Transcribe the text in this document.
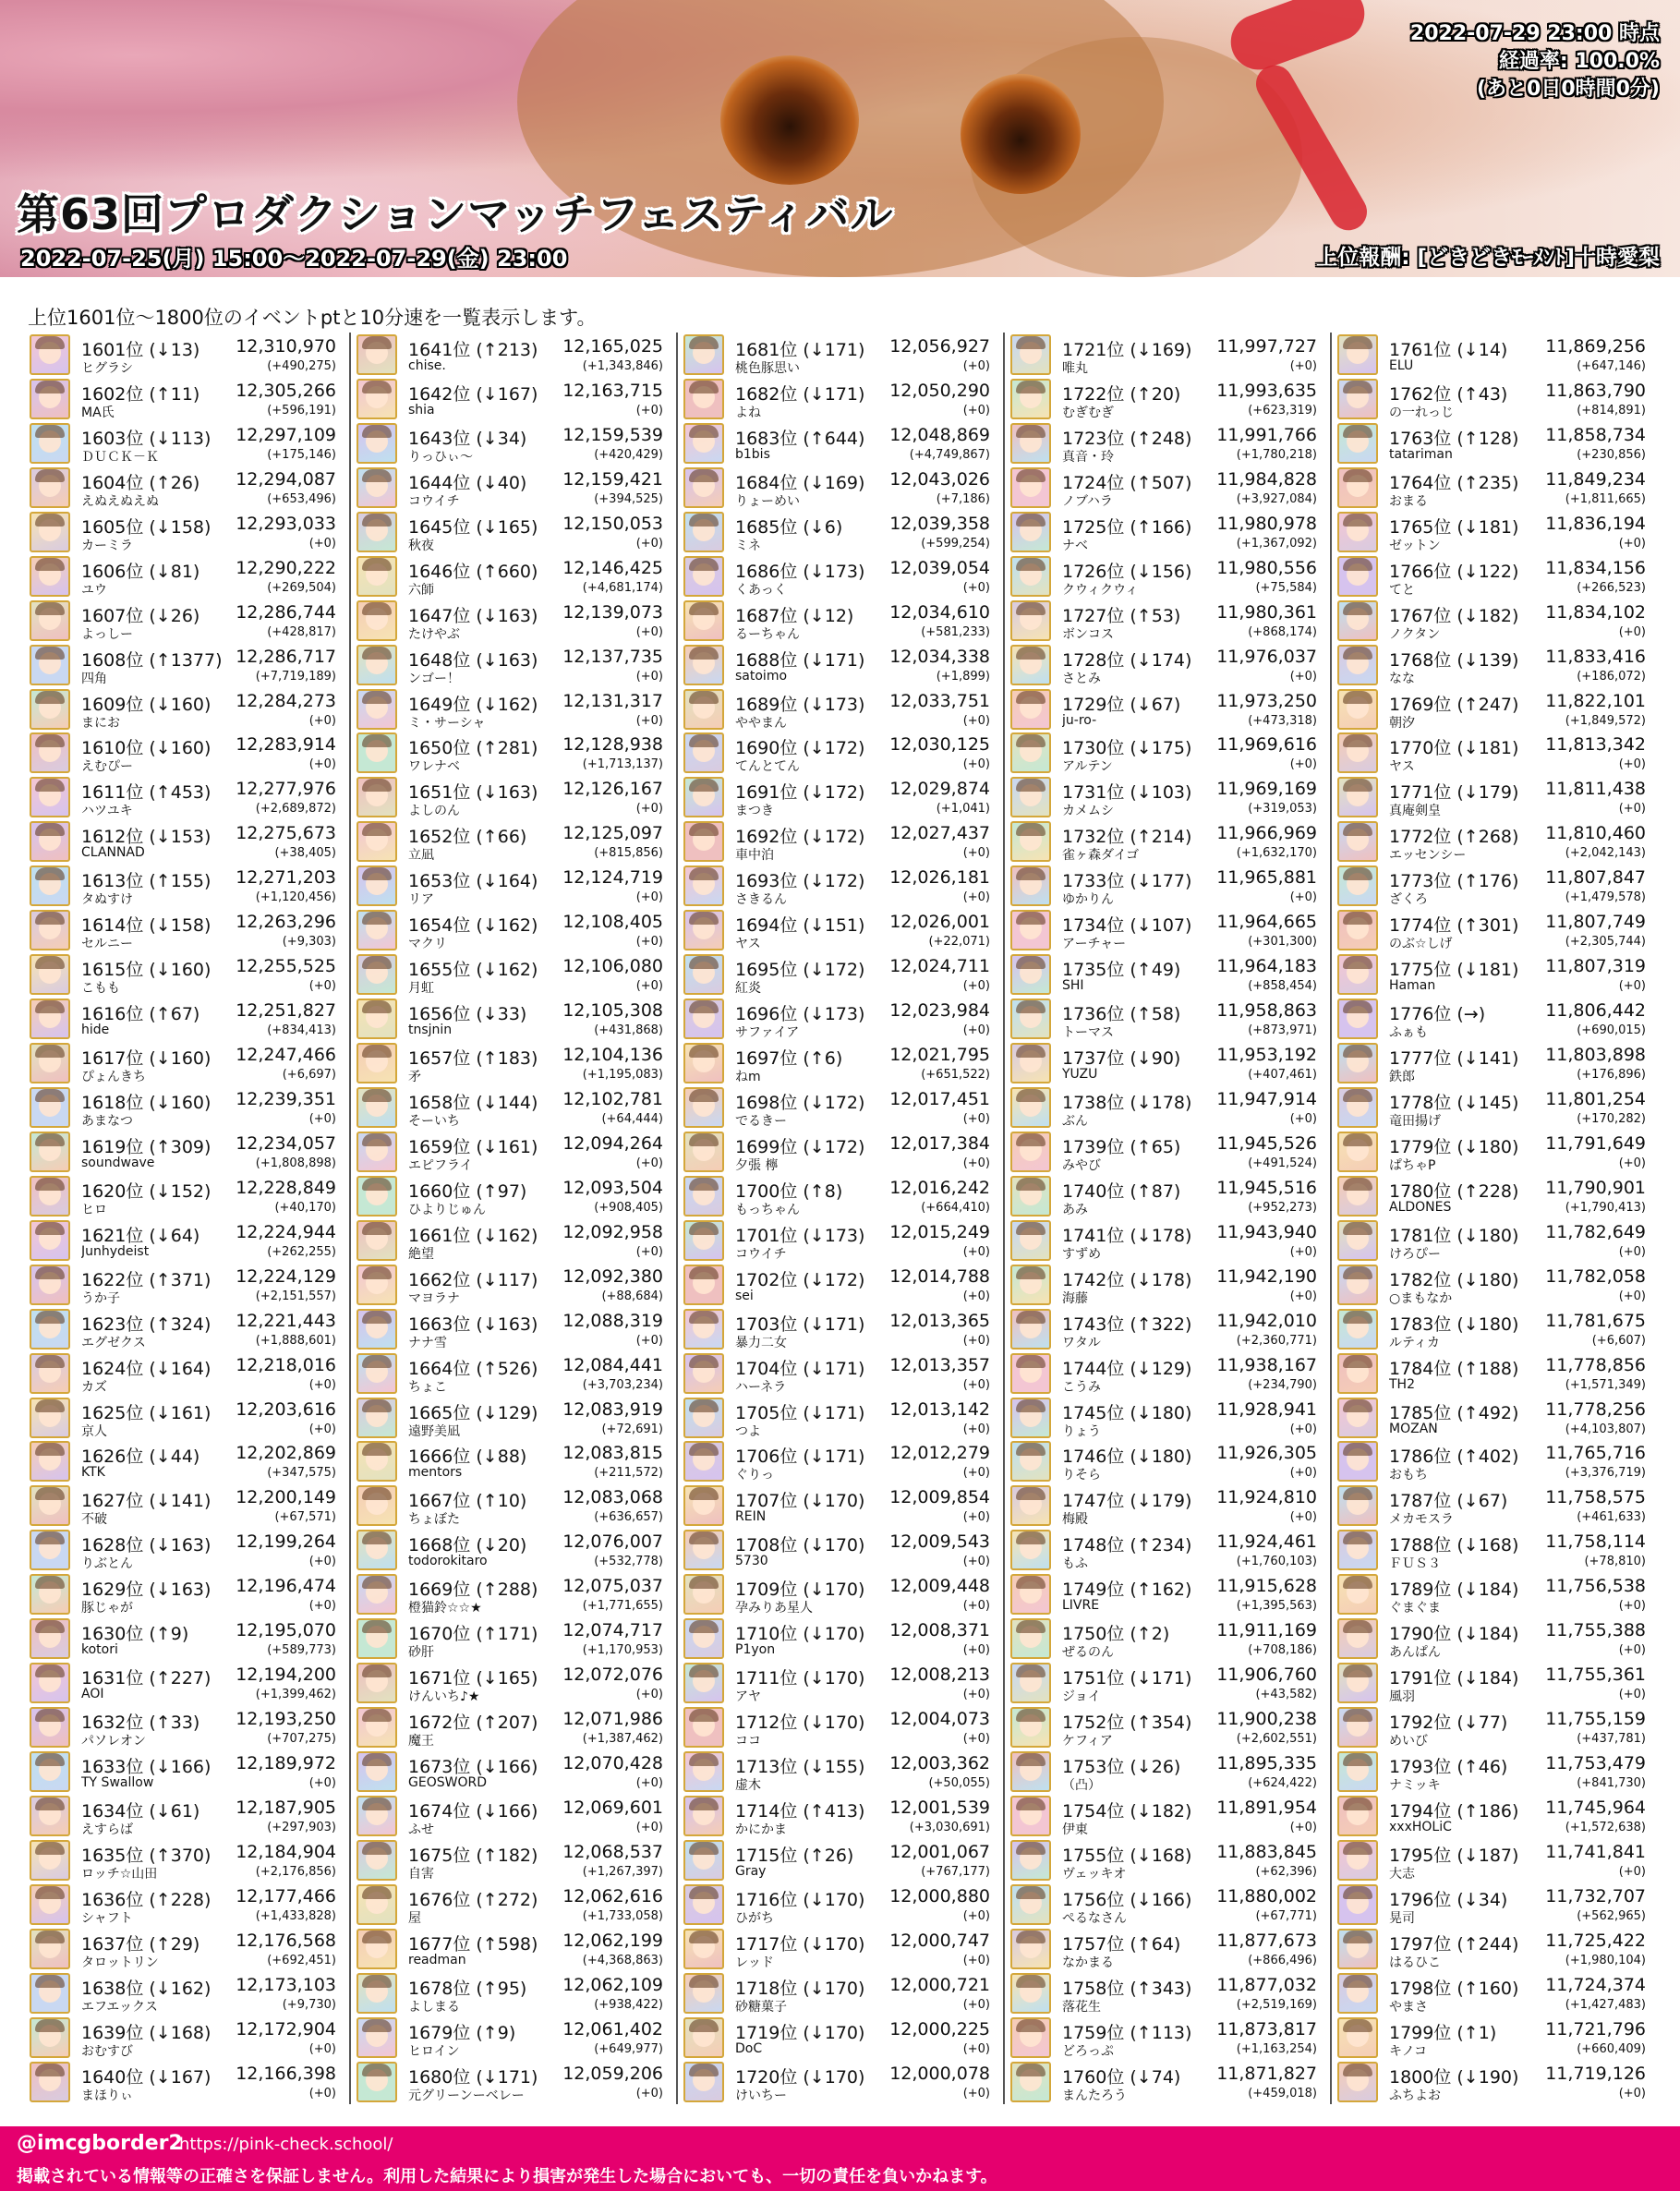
2022-07-29 23:00 時点
経過率: 100.0%
(あと0日0時間0分)
第63回プロダクションマッチフェスティバル
2022-07-25(月) 15:00～2022-07-29(金) 23:00	上位報酬: [どきどきﾓｰﾒﾝﾄ]十時愛梨
上位1601位～1800位のイベントptと10分速を一覧表示します。
1601位 (↓13) 12,310,970
ヒグラシ	(+490,275)
1602位 (↑11) 12,305,266
MA氏	(+596,191)
1603位 (↓113) 12,297,109
ＤＵＣＫ－Ｋ	(+175,146)
1604位 (↑26) 12,294,087
えぬえぬえぬ	(+653,496)
1605位 (↓158) 12,293,033
カーミラ	(+0)
1606位 (↓81) 12,290,222
ユウ	(+269,504)
1607位 (↓26) 12,286,744
よっしー	(+428,817)
1608位 (↑1377) 12,286,717
四角	(+7,719,189)
1609位 (↓160) 12,284,273
まにお	(+0)
1610位 (↓160) 12,283,914
えむぴー	(+0)
1611位 (↑453) 12,277,976
ハツユキ	(+2,689,872)
1612位 (↓153) 12,275,673
CLANNAD	(+38,405)
1613位 (↑155) 12,271,203
タぬすけ	(+1,120,456)
1614位 (↓158) 12,263,296
セルニー	(+9,303)
1615位 (↓160) 12,255,525
こもも	(+0)
1616位 (↑67) 12,251,827
hide	(+834,413)
1617位 (↓160) 12,247,466
ぴょんきち	(+6,697)
1618位 (↓160) 12,239,351
あまなつ	(+0)
1619位 (↑309) 12,234,057
soundwave	(+1,808,898)
1620位 (↓152) 12,228,849
ヒロ	(+40,170)
1621位 (↓64) 12,224,944
Junhydeist	(+262,255)
1622位 (↑371) 12,224,129
うか子	(+2,151,557)
1623位 (↑324) 12,221,443
エグゼクス	(+1,888,601)
1624位 (↓164) 12,218,016
カズ	(+0)
1625位 (↓161) 12,203,616
京人	(+0)
1626位 (↓44) 12,202,869
KTK	(+347,575)
1627位 (↓141) 12,200,149
不破	(+67,571)
1628位 (↓163) 12,199,264
りぶとん	(+0)
1629位 (↓163) 12,196,474
豚じゃが	(+0)
1630位 (↑9)	12,195,070
kotori	(+589,773)
1631位 (↑227) 12,194,200
AOI	(+1,399,462)
1632位 (↑33) 12,193,250
パソレオン	(+707,275)
1633位 (↓166) 12,189,972
TY Swallow	(+0)
1634位 (↓61) 12,187,905
えすらば	(+297,903)
1635位 (↑370) 12,184,904
ロッチ☆山田	(+2,176,856)
1636位 (↑228) 12,177,466
シャフト	(+1,433,828)
1637位 (↑29) 12,176,568
タロットリン	(+692,451)
1638位 (↓162) 12,173,103
エフエックス	(+9,730)
1639位 (↓168) 12,172,904
おむすび	(+0)
1640位 (↓167) 12,166,398
まほりぃ	(+0)
1641位 (↑213) 12,165,025
chise.	(+1,343,846)
1642位 (↓167) 12,163,715
shia	(+0)
1643位 (↓34) 12,159,539
りっひぃ～	(+420,429)
1644位 (↓40) 12,159,421
コウイチ	(+394,525)
1645位 (↓165) 12,150,053
秋夜	(+0)
1646位 (↑660) 12,146,425
六師	(+4,681,174)
1647位 (↓163) 12,139,073
たけやぶ	(+0)
1648位 (↓163) 12,137,735
ンゴー！	(+0)
1649位 (↓162) 12,131,317
ミ・サーシャ	(+0)
1650位 (↑281) 12,128,938
ワレナベ	(+1,713,137)
1651位 (↓163) 12,126,167
よしのん	(+0)
1652位 (↑66) 12,125,097
立凪	(+815,856)
1653位 (↓164) 12,124,719
リア	(+0)
1654位 (↓162) 12,108,405
マクリ	(+0)
1655位 (↓162) 12,106,080
月虹	(+0)
1656位 (↓33) 12,105,308
tnsjnin	(+431,868)
1657位 (↑183) 12,104,136
矛	(+1,195,083)
1658位 (↓144) 12,102,781
そーいち	(+64,444)
1659位 (↓161) 12,094,264
エピフライ	(+0)
1660位 (↑97) 12,093,504
ひよりじゅん	(+908,405)
1661位 (↓162) 12,092,958
絶望	(+0)
1662位 (↓117) 12,092,380
マヨラナ	(+88,684)
1663位 (↓163) 12,088,319
ナナ雪	(+0)
1664位 (↑526) 12,084,441
ちょこ	(+3,703,234)
1665位 (↓129) 12,083,919
遠野美凪	(+72,691)
1666位 (↓88) 12,083,815
mentors	(+211,572)
1667位 (↑10) 12,083,068
ちょぼた	(+636,657)
1668位 (↓20) 12,076,007
todorokitaro	(+532,778)
1669位 (↑288) 12,075,037
橙猫鈴☆☆★	(+1,771,655)
1670位 (↑171) 12,074,717
砂肝	(+1,170,953)
1671位 (↓165) 12,072,076
けんいち♪★	(+0)
1672位 (↑207) 12,071,986
魔王	(+1,387,462)
1673位 (↓166) 12,070,428
GEOSWORD	(+0)
1674位 (↓166) 12,069,601
ふせ	(+0)
1675位 (↑182) 12,068,537
自害	(+1,267,397)
1676位 (↑272) 12,062,616
屋	(+1,733,058)
1677位 (↑598) 12,062,199
readman	(+4,368,863)
1678位 (↑95) 12,062,109
よしまる	(+938,422)
1679位 (↑9)	12,061,402
ヒロイン	(+649,977)
1680位 (↓171) 12,059,206
元グリーンーベレー	(+0)
1681位 (↓171) 12,056,927
桃色豚思い	(+0)
1682位 (↓171) 12,050,290
よね	(+0)
1683位 (↑644) 12,048,869
b1bis	(+4,749,867)
1684位 (↓169) 12,043,026
りょーめい	(+7,186)
1685位 (↓6)	12,039,358
ミネ	(+599,254)
1686位 (↓173) 12,039,054
くあっく	(+0)
1687位 (↓12) 12,034,610
るーちゃん	(+581,233)
1688位 (↓171) 12,034,338
satoimo	(+1,899)
1689位 (↓173) 12,033,751
ややまん	(+0)
1690位 (↓172) 12,030,125
てんとてん	(+0)
1691位 (↓172) 12,029,874
まつき	(+1,041)
1692位 (↓172) 12,027,437
車中泊	(+0)
1693位 (↓172) 12,026,181
さきるん	(+0)
1694位 (↓151) 12,026,001
ヤス	(+22,071)
1695位 (↓172) 12,024,711
紅炎	(+0)
1696位 (↓173) 12,023,984
サファイア	(+0)
1697位 (↑6)	12,021,795
ねm	(+651,522)
1698位 (↓172) 12,017,451
でるきー	(+0)
1699位 (↓172) 12,017,384
夕張 檸	(+0)
1700位 (↑8)	12,016,242
もっちゃん	(+664,410)
1701位 (↓173) 12,015,249
コウイチ	(+0)
1702位 (↓172) 12,014,788
sei	(+0)
1703位 (↓171) 12,013,365
暴力二女	(+0)
1704位 (↓171) 12,013,357
ハーネラ	(+0)
1705位 (↓171) 12,013,142
つよ	(+0)
1706位 (↓171) 12,012,279
ぐりっ	(+0)
1707位 (↓170) 12,009,854
REIN	(+0)
1708位 (↓170) 12,009,543
5730	(+0)
1709位 (↓170) 12,009,448
孕みりあ星人	(+0)
1710位 (↓170) 12,008,371
P1yon	(+0)
1711位 (↓170) 12,008,213
アヤ	(+0)
1712位 (↓170) 12,004,073
ココ	(+0)
1713位 (↓155) 12,003,362
虚木	(+50,055)
1714位 (↑413) 12,001,539
かにかま	(+3,030,691)
1715位 (↑26) 12,001,067
Gray	(+767,177)
1716位 (↓170) 12,000,880
ひがち	(+0)
1717位 (↓170) 12,000,747
レッド	(+0)
1718位 (↓170) 12,000,721
砂糖菓子	(+0)
1719位 (↓170) 12,000,225
DoC	(+0)
1720位 (↓170) 12,000,078
けいちー	(+0)
1721位 (↓169) 11,997,727
唯丸	(+0)
1722位 (↑20) 11,993,635
むぎむぎ	(+623,319)
1723位 (↑248) 11,991,766
真音・玲	(+1,780,218)
1724位 (↑507) 11,984,828
ノブハラ	(+3,927,084)
1725位 (↑166) 11,980,978
ナベ	(+1,367,092)
1726位 (↓156) 11,980,556
クウィクウィ	(+75,584)
1727位 (↑53) 11,980,361
ボンコス	(+868,174)
1728位 (↓174) 11,976,037
さとみ	(+0)
1729位 (↓67) 11,973,250
ju-ro-	(+473,318)
1730位 (↓175) 11,969,616
アルテン	(+0)
1731位 (↓103) 11,969,169
カメムシ	(+319,053)
1732位 (↑214) 11,966,969
雀ヶ森ダイゴ	(+1,632,170)
1733位 (↓177) 11,965,881
ゆかりん	(+0)
1734位 (↓107) 11,964,665
アーチャー	(+301,300)
1735位 (↑49) 11,964,183
SHI	(+858,454)
1736位 (↑58) 11,958,863
トーマス	(+873,971)
1737位 (↓90) 11,953,192
YUZU	(+407,461)
1738位 (↓178) 11,947,914
ぶん	(+0)
1739位 (↑65) 11,945,526
みやび	(+491,524)
1740位 (↑87) 11,945,516
あみ	(+952,273)
1741位 (↓178) 11,943,940
すずめ	(+0)
1742位 (↓178) 11,942,190
海藤	(+0)
1743位 (↑322) 11,942,010
ワタル	(+2,360,771)
1744位 (↓129) 11,938,167
こうみ	(+234,790)
1745位 (↓180) 11,928,941
りょう	(+0)
1746位 (↓180) 11,926,305
りそら	(+0)
1747位 (↓179) 11,924,810
梅殿	(+0)
1748位 (↑234) 11,924,461
もふ	(+1,760,103)
1749位 (↑162) 11,915,628
LIVRE	(+1,395,563)
1750位 (↑2)	11,911,169
ぜるのん	(+708,186)
1751位 (↓171) 11,906,760
ジョイ	(+43,582)
1752位 (↑354) 11,900,238
ケフィア	(+2,602,551)
1753位 (↓26) 11,895,335
（凸）	(+624,422)
1754位 (↓182) 11,891,954
伊東	(+0)
1755位 (↓168) 11,883,845
ヴェッキオ	(+62,396)
1756位 (↓166) 11,880,002
ぺるなさん	(+67,771)
1757位 (↑64) 11,877,673
なかまる	(+866,496)
1758位 (↑343) 11,877,032
落花生	(+2,519,169)
1759位 (↑113) 11,873,817
どろっぷ	(+1,163,254)
1760位 (↓74) 11,871,827
まんたろう	(+459,018)
1761位 (↓14) 11,869,256
ELU	(+647,146)
1762位 (↑43) 11,863,790
の一れっじ	(+814,891)
1763位 (↑128) 11,858,734
tatariman	(+230,856)
1764位 (↑235) 11,849,234
おまる	(+1,811,665)
1765位 (↓181) 11,836,194
ゼットン	(+0)
1766位 (↓122) 11,834,156
てと	(+266,523)
1767位 (↓182) 11,834,102
ノクタン	(+0)
1768位 (↓139) 11,833,416
なな	(+186,072)
1769位 (↑247) 11,822,101
朝汐	(+1,849,572)
1770位 (↓181) 11,813,342
ヤス	(+0)
1771位 (↓179) 11,811,438
真庵剣皇	(+0)
1772位 (↑268) 11,810,460
エッセンシー	(+2,042,143)
1773位 (↑176) 11,807,847
ざくろ	(+1,479,578)
1774位 (↑301) 11,807,749
のぶ☆しげ	(+2,305,744)
1775位 (↓181) 11,807,319
Haman	(+0)
1776位 (→)	11,806,442
ふぁも	(+690,015)
1777位 (↓141) 11,803,898
鉄郎	(+176,896)
1778位 (↓145) 11,801,254
竜田揚げ	(+170,282)
1779位 (↓180) 11,791,649
ぱちゃP	(+0)
1780位 (↑228) 11,790,901
ALDONES	(+1,790,413)
1781位 (↓180) 11,782,649
けろぴー	(+0)
1782位 (↓180) 11,782,058
○まもなか	(+0)
1783位 (↓180) 11,781,675
ルティカ	(+6,607)
1784位 (↑188) 11,778,856
TH2	(+1,571,349)
1785位 (↑492) 11,778,256
MOZAN	(+4,103,807)
1786位 (↑402) 11,765,716
おもち	(+3,376,719)
1787位 (↓67) 11,758,575
メカモスラ	(+461,633)
1788位 (↓168) 11,758,114
ＦＵＳ３	(+78,810)
1789位 (↓184) 11,756,538
ぐまぐま	(+0)
1790位 (↓184) 11,755,388
あんぱん	(+0)
1791位 (↓184) 11,755,361
風羽	(+0)
1792位 (↓77) 11,755,159
めいび	(+437,781)
1793位 (↑46) 11,753,479
ナミッキ	(+841,730)
1794位 (↑186) 11,745,964
xxxHOLiC	(+1,572,638)
1795位 (↓187) 11,741,841
大志	(+0)
1796位 (↓34) 11,732,707
晃司	(+562,965)
1797位 (↑244) 11,725,422
はるひこ	(+1,980,104)
1798位 (↑160) 11,724,374
やまさ	(+1,427,483)
1799位 (↑1)	11,721,796
キノコ	(+660,409)
1800位 (↓190) 11,719,126
ふちよお	(+0)
@imcgborder2
https://pink-check.school/
掲載されている情報等の正確さを保証しません。利用した結果により損害が発生した場合においても、一切の責任を負いかねます。
